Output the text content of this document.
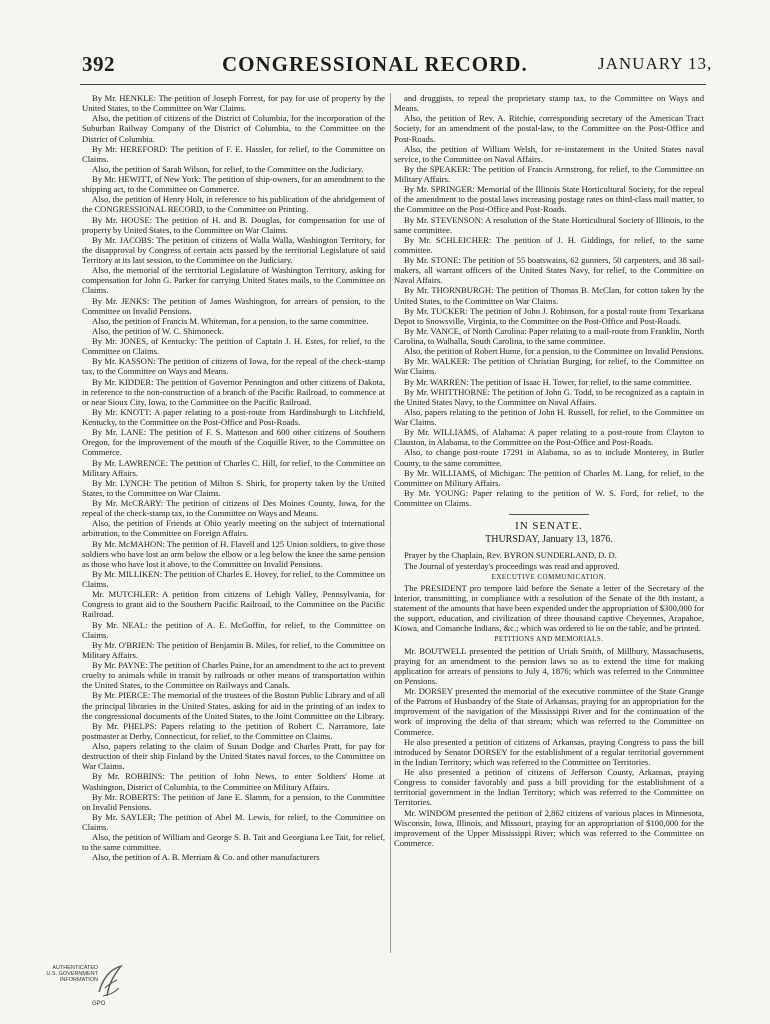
392	CONGRESSIONAL RECORD.	JANUARY 13,

By Mr. HENKLE: The petition of Joseph Forrest, for pay for use of property by the United States, to the Committee on War Claims.

Also, the petition of citizens of the District of Columbia, for the incorporation of the Suburban Railway Company of the District of Columbia, to the Committee on the District of Columbia.

By Mr. HEREFORD: The petition of F. E. Hassler, for relief, to the Committee on Claims.

Also, the petition of Sarah Wilson, for relief, to the Committee on the Judiciary.

By Mr. HEWITT, of New York: The petition of ship-owners, for an amendment to the shipping act, to the Committee on Commerce.

Also, the petition of Henry Holt, in reference to his publication of the abridgement of the CONGRESSIONAL RECORD, to the Committee on Printing.

By Mr. HOUSE: The petition of H. and B. Douglas, for compensation for use of property by United States, to the Committee on War Claims.

By Mr. JACOBS: The petition of citizens of Walla Walla, Washington Territory, for the disapproval by Congress of certain acts passed by the territorial Legislature of said Territory at its last session, to the Committee on the Judiciary.

Also, the memorial of the territorial Legislature of Washington Territory, asking for compensation for John G. Parker for carrying United States mails, to the Committee on Claims.

By Mr. JENKS: The petition of James Washington, for arrears of pension, to the Committee on Invalid Pensions.

Also, the petition of Francis M. Whiteman, for a pension, to the same committee.

Also, the petition of W. C. Shimoneck.

By Mr. JONES, of Kentucky: The petition of Captain J. H. Estes, for relief, to the Committee on Claims.

By Mr. KASSON: The petition of citizens of Iowa, for the repeal of the check-stamp tax, to the Committee on Ways and Means.

By Mr. KIDDER: The petition of Governor Pennington and other citizens of Dakota, in reference to the non-construction of a branch of the Pacific Railroad, to commence at or near Sioux City, Iowa, to the Committee on the Pacific Railroad.

By Mr. KNOTT: A paper relating to a post-route from Hardinsburgh to Litchfield, Kentucky, to the Committee on the Post-Office and Post-Roads.

By Mr. LANE: The petition of F. S. Matteson and 600 other citizens of Southern Oregon, for the improvement of the mouth of the Coquille River, to the Committee on Commerce.

By Mr. LAWRENCE: The petition of Charles C. Hill, for relief, to the Committee on Military Affairs.

By Mr. LYNCH: The petition of Milton S. Shirk, for property taken by the United States, to the Committee on War Claims.

By Mr. McCRARY: The petition of citizens of Des Moines County, Iowa, for the repeal of the check-stamp tax, to the Committee on Ways and Means.

Also, the petition of Friends at Ohio yearly meeting on the subject of international arbitration, to the Committee on Foreign Affairs.

By Mr. McMAHON: The petition of H. Flavell and 125 Union soldiers, to give those soldiers who have lost an arm below the elbow or a leg below the knee the same pension as those who have lost it above, to the Committee on Invalid Pensions.

By Mr. MILLIKEN: The petition of Charles E. Hovey, for relief, to the Committee on Claims.

Mr. MUTCHLER: A petition from citizens of Lehigh Valley, Pennsylvania, for Congress to grant aid to the Southern Pacific Railroad, to the Committee on the Pacific Railroad.

By Mr. NEAL: the petition of A. E. McGoffin, for relief, to the Committee on Claims.

By Mr. O'BRIEN: The petition of Benjamin B. Miles, for relief, to the Committee on Military Affairs.

By Mr. PAYNE: The petition of Charles Paine, for an amendment to the act to prevent cruelty to animals while in transit by railroads or other means of transportation within the United States, to the Committee on Railways and Canals.

By Mr. PIERCE: The memorial of the trustees of the Boston Public Library and of all the principal libraries in the United States, asking for aid in the printing of an index to the congressional documents of the United States, to the Joint Committee on the Library.

By Mr. PHELPS: Papers relating to the petition of Robert C. Narramore, late postmaster at Derby, Connecticut, for relief, to the Committee on Claims.

Also, papers relating to the claim of Susan Dodge and Charles Pratt, for pay for destruction of their ship Finland by the United States naval forces, to the Committee on War Claims.

By Mr. ROBBINS: The petition of John News, to enter Soldiers' Home at Washington, District of Columbia, to the Committee on Military Affairs.

By Mr. ROBERTS: The petition of Jane E. Slamm, for a pension, to the Committee on Invalid Pensions.

By Mr. SAYLER: The petition of Abel M. Lewis, for relief, to the Committee on Claims.

Also, the petition of William and George S. B. Tait and Georgiana Lee Tait, for relief, to the same committee.

Also, the petition of A. B. Merriam & Co. and other manufacturers

and druggists, to repeal the proprietary stamp tax, to the Committee on Ways and Means.

Also, the petition of Rev. A. Ritchie, corresponding secretary of the American Tract Society, for an amendment of the postal-law, to the Committee on the Post-Office and Post-Roads.

Also, the petition of William Welsh, for re-instatement in the United States naval service, to the Committee on Naval Affairs.

By the SPEAKER: The petition of Francis Armstrong, for relief, to the Committee on Military Affairs.

By Mr. SPRINGER: Memorial of the Illinois State Horticultural Society, for the repeal of the amendment to the postal laws increasing postage rates on third-class mail matter, to the Committee on the Post-Office and Post-Roads.

By Mr. STEVENSON: A resolution of the State Horticultural Society of Illinois, to the same committee.

By Mr. SCHLEICHER: The petition of J. H. Giddings, for relief, to the same committee.

By Mr. STONE: The petition of 55 boatswains, 62 gunners, 50 carpenters, and 38 sail-makers, all warrant officers of the United States Navy, for relief, to the Committee on Naval Affairs.

By Mr. THORNBURGH: The petition of Thomas B. McClan, for cotton taken by the United States, to the Committee on War Claims.

By Mr. TUCKER: The petition of John J. Robinson, for a postal route from Texarkana Depot to Snowsville, Virginia, to the Committee on the Post-Office and Post-Roads.

By Mr. VANCE, of North Carolina: Paper relating to a mail-route from Franklin, North Carolina, to Walhalla, South Carolina, to the same committee.

Also, the petition of Robert Hume, for a pension, to the Committee on Invalid Pensions.

By Mr. WALKER: The petition of Christian Burging, for relief, to the Committee on War Claims.

By Mr. WARREN: The petition of Isaac H. Tower, for relief, to the same committee.

By Mr. WHITTHORNE: The petition of John G. Todd, to be recognized as a captain in the United States Navy, to the Committee on Naval Affairs.

Also, papers relating to the petition of John H. Russell, for relief, to the Committee on War Claims.

By Mr. WILLIAMS, of Alabama: A paper relating to a post-route from Clayton to Clauston, in Alabama, to the Committee on the Post-Office and Post-Roads.

Also, to change post-route 17291 in Alabama, so as to include Monterey, in Butler County, to the same committee.

By Mr. WILLIAMS, of Michigan: The petition of Charles M. Lang, for relief, to the Committee on Military Affairs.

By Mr. YOUNG: Paper relating to the petition of W. S. Ford, for relief, to the Committee on Claims.

IN SENATE.
THURSDAY, January 13, 1876.

Prayer by the Chaplain, Rev. BYRON SUNDERLAND, D. D.

The Journal of yesterday's proceedings was read and approved.

EXECUTIVE COMMUNICATION.

The PRESIDENT pro tempore laid before the Senate a letter of the Secretary of the Interior, transmitting, in compliance with a resolution of the Senate of the 8th instant, a statement of the amounts that have been expended under the appropriation of $300,000 for the support, education, and civilization of three thousand captive Cheyennes, Arapahoe, Kiowa, and Comanche Indians, &c.; which was ordered to lie on the table, and be printed.

PETITIONS AND MEMORIALS.

Mr. BOUTWELL presented the petition of Uriah Smith, of Millbury, Massachusetts, praying for an amendment to the pension laws so as to extend the time for making application for arrears of pensions to July 4, 1876; which was referred to the Committee on Pensions.

Mr. DORSEY presented the memorial of the executive committee of the State Grange of the Patrons of Husbandry of the State of Arkansas, praying for an appropriation for the improvement of the navigation of the Mississippi River and for the continuation of the work of improving the delta of that stream; which was referred to the Committee on Commerce.

He also presented a petition of citizens of Arkansas, praying Congress to pass the bill introduced by Senator DORSEY for the establishment of a regular territorial government in the Indian Territory; which was referred to the Committee on Territories.

He also presented a petition of citizens of Jefferson County, Arkansas, praying Congress to consider favorably and pass a bill providing for the establishment of a territorial government in the Indian Territory; which was referred to the Committee on Territories.

Mr. WINDOM presented the petition of 2,862 citizens of various places in Minnesota, Wisconsin, Iowa, Illinois, and Missouri, praying for an appropriation of $100,000 for the improvement of the Upper Mississippi River; which was referred to the Committee on Commerce.

AUTHENTICATED
U.S. GOVERNMENT
INFORMATION
GPO
